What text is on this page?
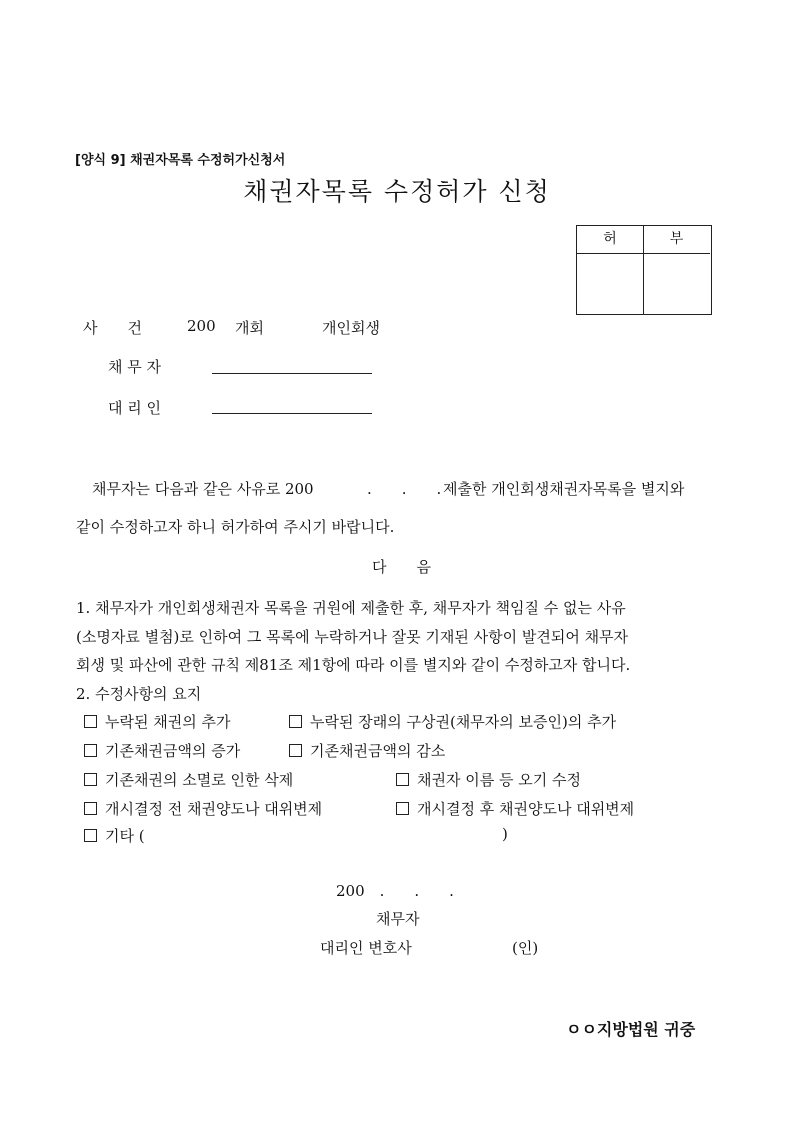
[양식 9] 채권자목록 수정허가신청서
채권자목록 수정허가 신청
허	부
사　　건	200 개회	개인회생
채 무 자
대 리 인
채무자는 다음과 같은 사유로 200	.　　.　　. 제출한 개인회생채권자목록을 별지와
같이 수정하고자 하니 허가하여 주시기 바랍니다.
다　　음
1. 채무자가 개인회생채권자 목록을 귀원에 제출한 후, 채무자가 책임질 수 없는 사유
(소명자료 별첨)로 인하여 그 목록에 누락하거나 잘못 기재된 사항이 발견되어 채무자
회생 및 파산에 관한 규칙 제81조 제1항에 따라 이를 별지와 같이 수정하고자 합니다.
2. 수정사항의 요지
누락된 채권의 추가	누락된 장래의 구상권(채무자의 보증인)의 추가
기존채권금액의 증가	기존채권금액의 감소
기존채권의 소멸로 인한 삭제	채권자 이름 등 오기 수정
개시결정 전 채권양도나 대위변제	개시결정 후 채권양도나 대위변제
기타 (	)
200　.　　.　　.
채무자
대리인 변호사	(인)
ㅇㅇ지방법원 귀중
